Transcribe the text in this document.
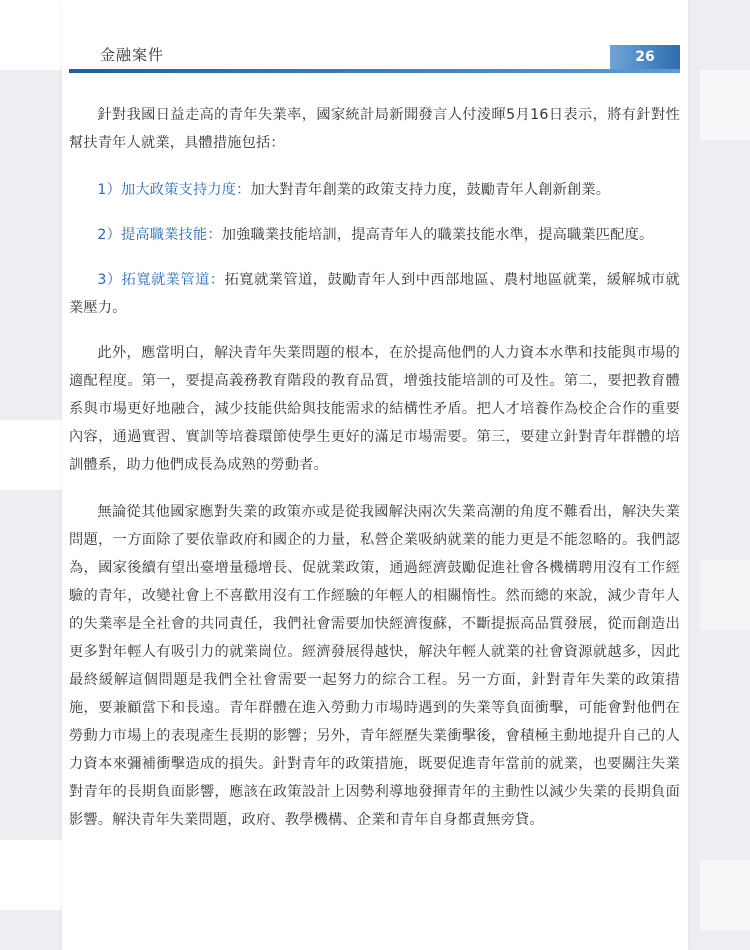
金融案件	26

針對我國日益走高的青年失業率，國家統計局新聞發言人付淩暉5月16日表示，將有針對性幫扶青年人就業，具體措施包括：

1）加大政策支持力度：加大對青年創業的政策支持力度，鼓勵青年人創新創業。

2）提高職業技能：加強職業技能培訓，提高青年人的職業技能水準，提高職業匹配度。

3）拓寬就業管道：拓寬就業管道，鼓勵青年人到中西部地區、農村地區就業，緩解城市就業壓力。

此外，應當明白，解決青年失業問題的根本，在於提高他們的人力資本水準和技能與市場的適配程度。第一，要提高義務教育階段的教育品質，增強技能培訓的可及性。第二，要把教育體系與市場更好地融合，減少技能供給與技能需求的結構性矛盾。把人才培養作為校企合作的重要內容，通過實習、實訓等培養環節使學生更好的滿足市場需要。第三，要建立針對青年群體的培訓體系，助力他們成長為成熟的勞動者。

無論從其他國家應對失業的政策亦或是從我國解決兩次失業高潮的角度不難看出，解決失業問題，一方面除了要依靠政府和國企的力量，私營企業吸納就業的能力更是不能忽略的。我們認為，國家後續有望出臺增量穩增長、促就業政策，通過經濟鼓勵促進社會各機構聘用沒有工作經驗的青年，改變社會上不喜歡用沒有工作經驗的年輕人的相關惰性。然而總的來說，減少青年人的失業率是全社會的共同責任，我們社會需要加快經濟復蘇，不斷提振高品質發展，從而創造出更多對年輕人有吸引力的就業崗位。經濟發展得越快，解決年輕人就業的社會資源就越多，因此最終緩解這個問題是我們全社會需要一起努力的綜合工程。另一方面，針對青年失業的政策措施，要兼顧當下和長遠。青年群體在進入勞動力市場時遇到的失業等負面衝擊，可能會對他們在勞動力市場上的表現產生長期的影響；另外，青年經歷失業衝擊後，會積極主動地提升自己的人力資本來彌補衝擊造成的損失。針對青年的政策措施，既要促進青年當前的就業，也要關注失業對青年的長期負面影響，應該在政策設計上因勢利導地發揮青年的主動性以減少失業的長期負面影響。解決青年失業問題，政府、教學機構、企業和青年自身都責無旁貸。
